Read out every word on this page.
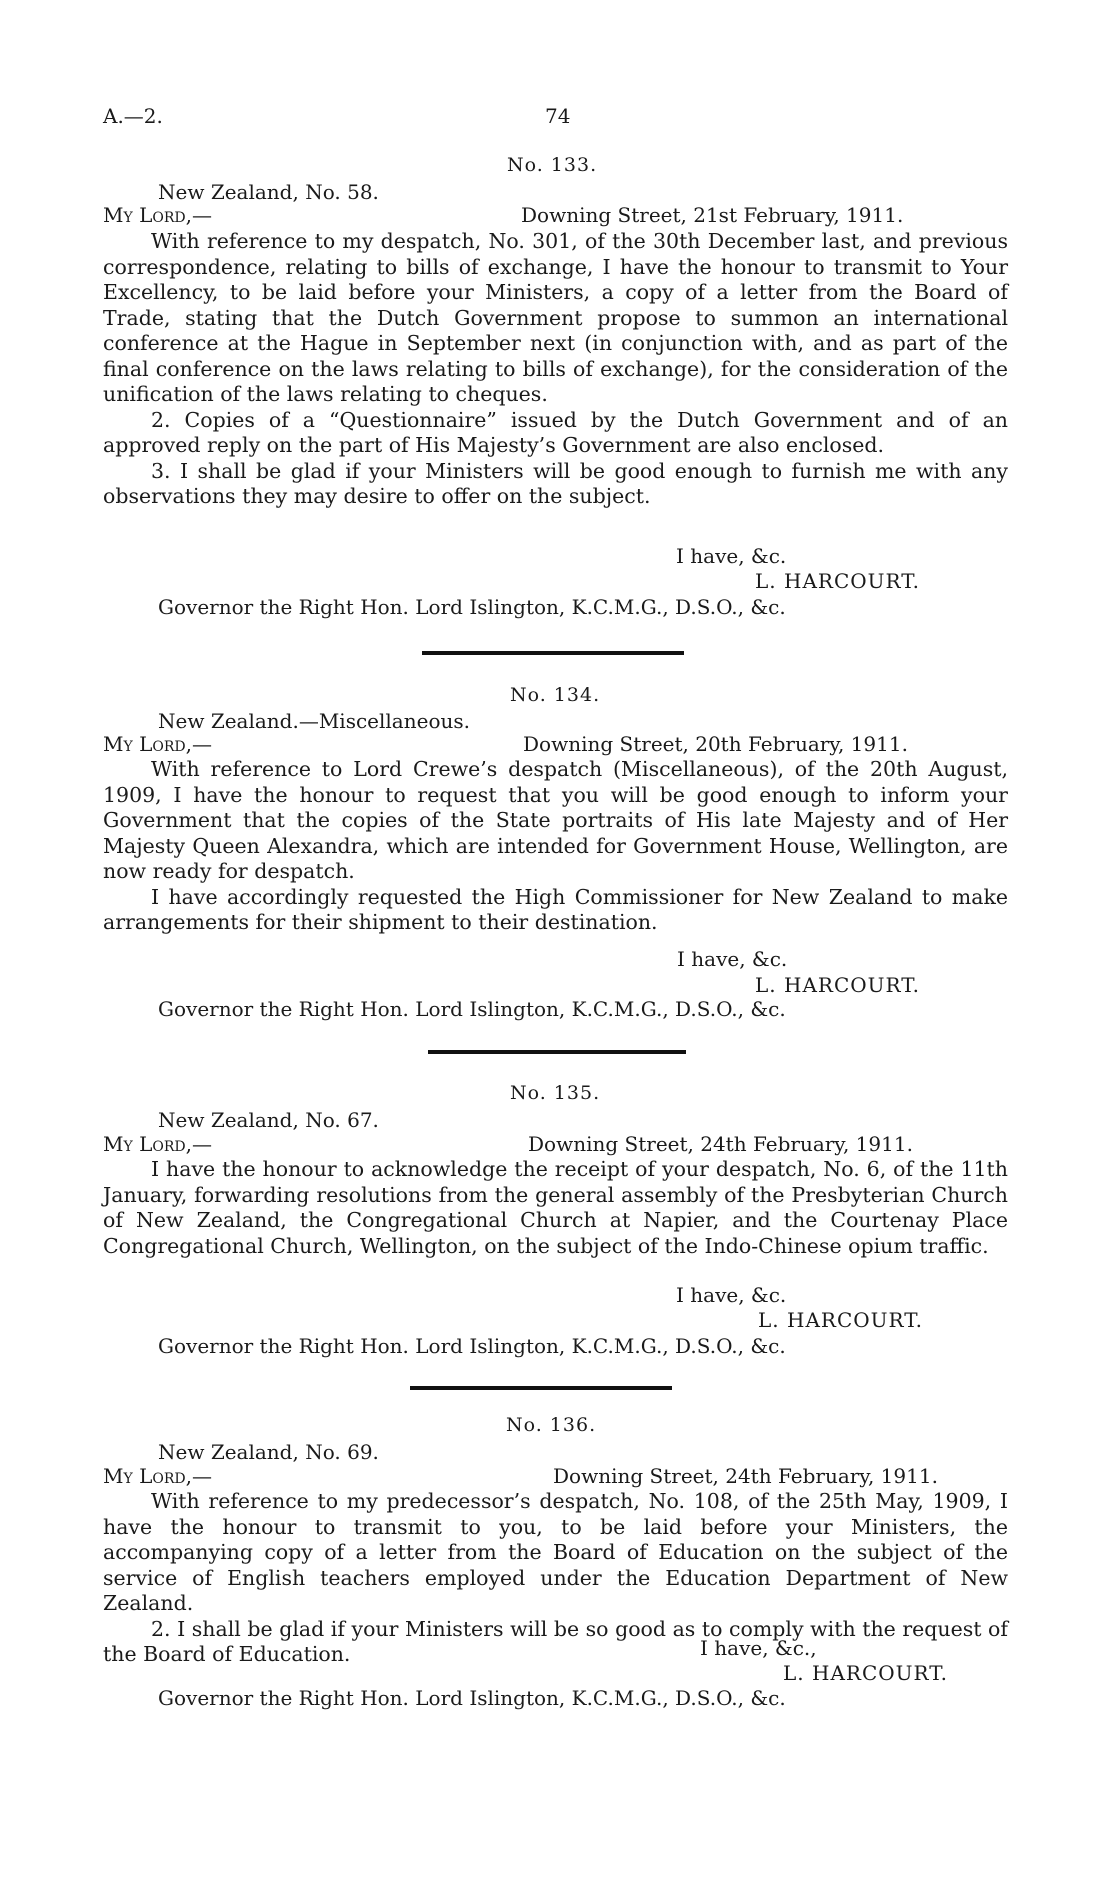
A.—2.	74
No. 133.
New Zealand, No. 58.
My Lord,—	Downing Street, 21st February, 1911.

With reference to my despatch, No. 301, of the 30th December last, and previous correspondence, relating to bills of exchange, I have the honour to transmit to Your Excellency, to be laid before your Ministers, a copy of a letter from the Board of Trade, stating that the Dutch Government propose to summon an international conference at the Hague in September next (in conjunction with, and as part of the final conference on the laws relating to bills of exchange), for the consideration of the unification of the laws relating to cheques.

2. Copies of a “Questionnaire” issued by the Dutch Government and of an approved reply on the part of His Majesty’s Government are also enclosed.

3. I shall be glad if your Ministers will be good enough to furnish me with any observations they may desire to offer on the subject.

I have, &c.
L. HARCOURT.
Governor the Right Hon. Lord Islington, K.C.M.G., D.S.O., &c.
No. 134.
New Zealand.—Miscellaneous.
My Lord,—	Downing Street, 20th February, 1911.

With reference to Lord Crewe’s despatch (Miscellaneous), of the 20th August, 1909, I have the honour to request that you will be good enough to inform your Government that the copies of the State portraits of His late Majesty and of Her Majesty Queen Alexandra, which are intended for Government House, Wellington, are now ready for despatch.

I have accordingly requested the High Commissioner for New Zealand to make arrangements for their shipment to their destination.

I have, &c.
L. HARCOURT.
Governor the Right Hon. Lord Islington, K.C.M.G., D.S.O., &c.
No. 135.
New Zealand, No. 67.
My Lord,—	Downing Street, 24th February, 1911.

I have the honour to acknowledge the receipt of your despatch, No. 6, of the 11th January, forwarding resolutions from the general assembly of the Presbyterian Church of New Zealand, the Congregational Church at Napier, and the Courtenay Place Congregational Church, Wellington, on the subject of the Indo-Chinese opium traffic.

I have, &c.
L. HARCOURT.
Governor the Right Hon. Lord Islington, K.C.M.G., D.S.O., &c.
No. 136.
New Zealand, No. 69.
My Lord,—	Downing Street, 24th February, 1911.

With reference to my predecessor’s despatch, No. 108, of the 25th May, 1909, I have the honour to transmit to you, to be laid before your Ministers, the accompanying copy of a letter from the Board of Education on the subject of the service of English teachers employed under the Education Department of New Zealand.

2. I shall be glad if your Ministers will be so good as to comply with the request of the Board of Education.	I have, &c.,
L. HARCOURT.
Governor the Right Hon. Lord Islington, K.C.M.G., D.S.O., &c.
